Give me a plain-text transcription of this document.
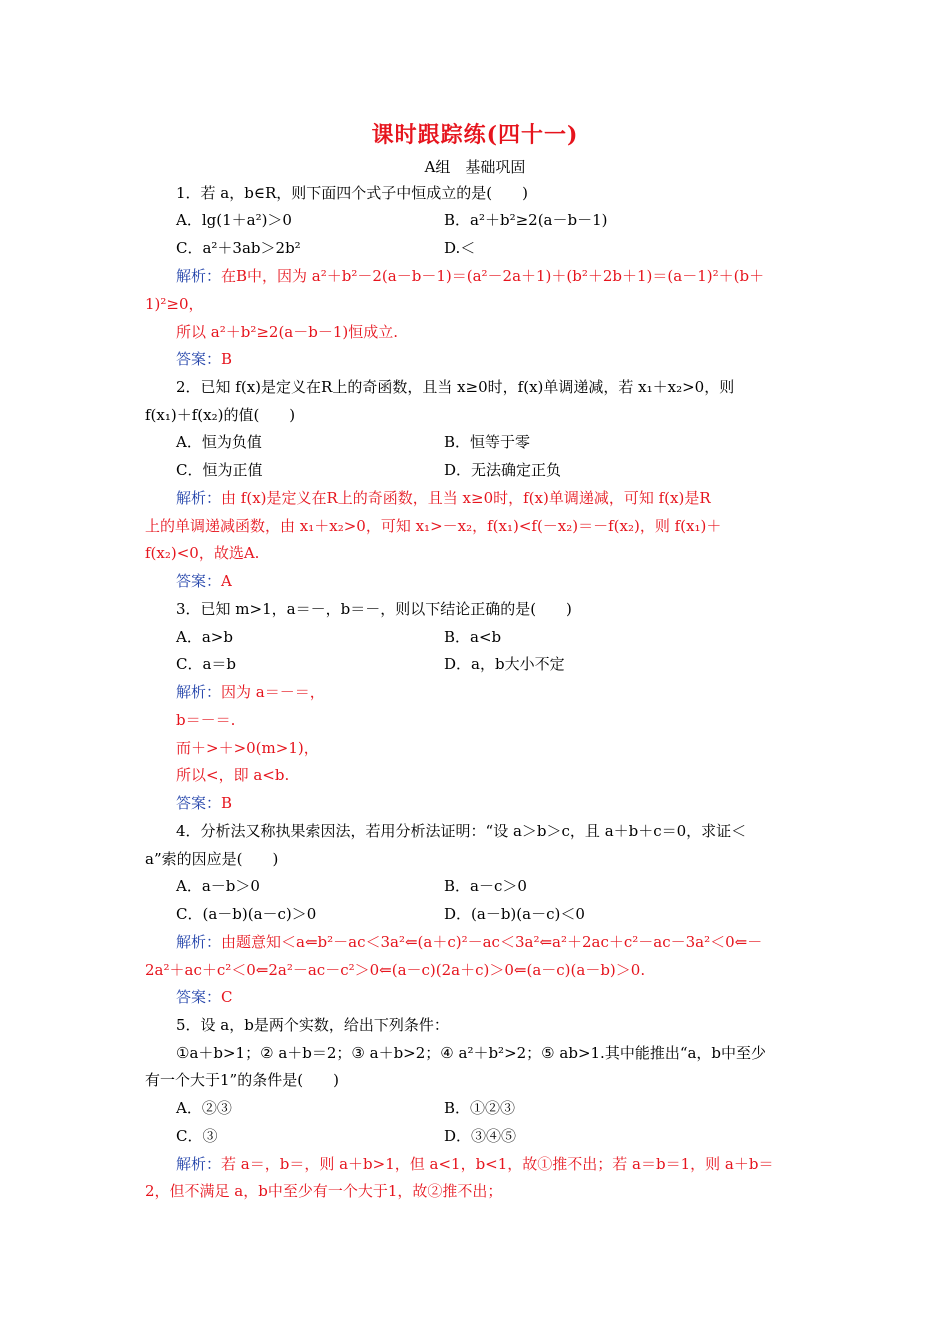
课时跟踪练(四十一)
A组　基础巩固
1．若 a，b∈R，则下面四个式子中恒成立的是(　　)
A．lg(1＋a²)＞0	B．a²＋b²≥2(a－b－1)
C．a²＋3ab＞2b²	D.＜
解析：在B中，因为 a²＋b²－2(a－b－1)＝(a²－2a＋1)＋(b²＋2b＋1)＝(a－1)²＋(b＋
1)²≥0，
所以 a²＋b²≥2(a－b－1)恒成立.
答案：B
2．已知 f(x)是定义在R上的奇函数，且当 x≥0时，f(x)单调递减，若 x₁＋x₂>0，则
f(x₁)＋f(x₂)的值(　　)
A．恒为负值	B．恒等于零
C．恒为正值	D．无法确定正负
解析：由 f(x)是定义在R上的奇函数，且当 x≥0时，f(x)单调递减，可知 f(x)是R
上的单调递减函数，由 x₁＋x₂>0，可知 x₁>－x₂，f(x₁)<f(－x₂)＝－f(x₂)，则 f(x₁)＋
f(x₂)<0，故选A.
答案：A
3．已知 m>1，a＝－，b＝－，则以下结论正确的是(　　)
A．a>b	B．a<b
C．a＝b	D．a，b大小不定
解析：因为 a＝－＝，
b＝－＝.
而＋>＋>0(m>1)，
所以<，即 a<b.
答案：B
4．分析法又称执果索因法，若用分析法证明：“设 a＞b＞c，且 a＋b＋c＝0，求证＜
a”索的因应是(　　)
A．a－b＞0	B．a－c＞0
C．(a－b)(a－c)＞0	D．(a－b)(a－c)＜0
解析：由题意知＜a⇐b²－ac＜3a²⇐(a＋c)²－ac＜3a²⇐a²＋2ac＋c²－ac－3a²＜0⇐－
2a²＋ac＋c²＜0⇐2a²－ac－c²＞0⇐(a－c)(2a＋c)＞0⇐(a－c)(a－b)＞0.
答案：C
5．设 a，b是两个实数，给出下列条件：
①a＋b>1；② a＋b＝2；③ a＋b>2；④ a²＋b²>2；⑤ ab>1.其中能推出“a，b中至少
有一个大于1”的条件是(　　)
A．②③	B．①②③
C．③	D．③④⑤
解析：若 a＝，b＝，则 a＋b>1，但 a<1，b<1，故①推不出；若 a＝b＝1，则 a＋b＝
2，但不满足 a，b中至少有一个大于1，故②推不出；
